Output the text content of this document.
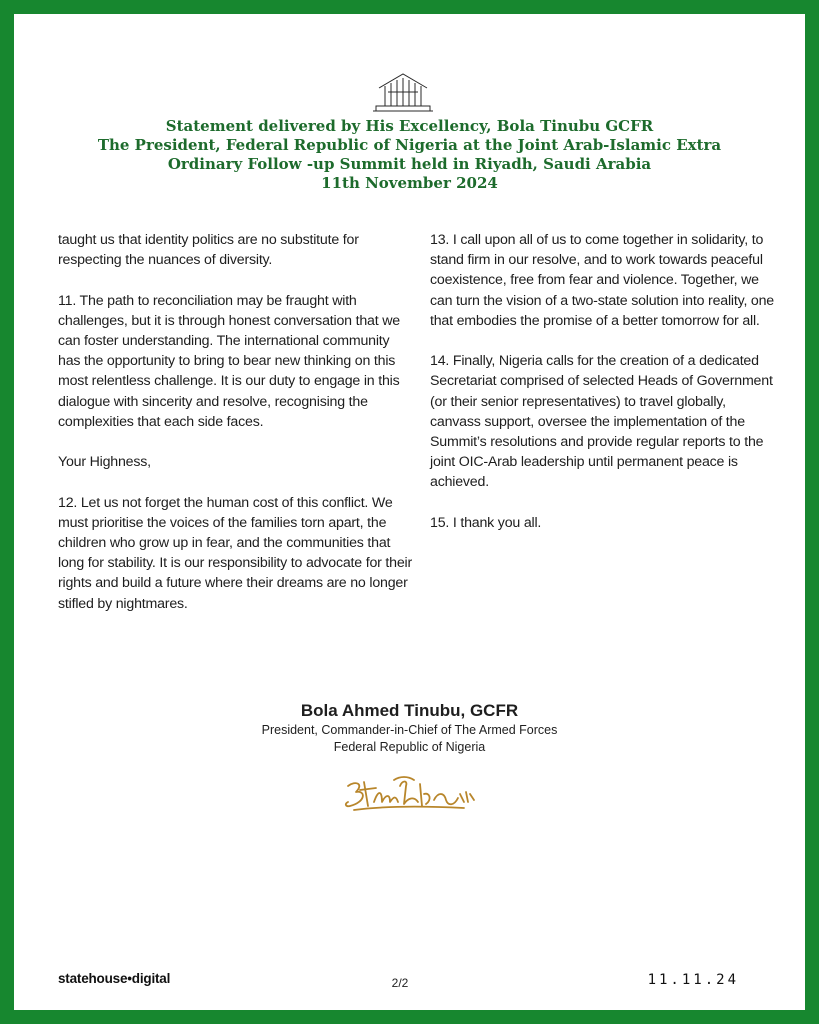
Statement delivered by His Excellency, Bola Tinubu GCFR
The President, Federal Republic of Nigeria at the Joint Arab-Islamic Extra
Ordinary Follow -up Summit held in Riyadh, Saudi Arabia
11th November 2024

taught us that identity politics are no substitute for respecting the nuances of diversity.

11. The path to reconciliation may be fraught with challenges, but it is through honest conversation that we can foster understanding. The international community has the opportunity to bring to bear new thinking on this most relentless challenge. It is our duty to engage in this dialogue with sincerity and resolve, recognising the complexities that each side faces.

Your Highness,

12. Let us not forget the human cost of this conflict. We must prioritise the voices of the families torn apart, the children who grow up in fear, and the communities that long for stability. It is our responsibility to advocate for their rights and build a future where their dreams are no longer stifled by nightmares.

13. I call upon all of us to come together in solidarity, to stand firm in our resolve, and to work towards peaceful coexistence, free from fear and violence. Together, we can turn the vision of a two-state solution into reality, one that embodies the promise of a better tomorrow for all.

14. Finally, Nigeria calls for the creation of a dedicated Secretariat comprised of selected Heads of Government (or their senior representatives) to travel globally, canvass support, oversee the implementation of the Summit’s resolutions and provide regular reports to the joint OIC-Arab leadership until permanent peace is achieved.

15. I thank you all.

Bola Ahmed Tinubu, GCFR
President, Commander-in-Chief of The Armed Forces
Federal Republic of Nigeria
statehouse•digital	2/2	11.11.24
